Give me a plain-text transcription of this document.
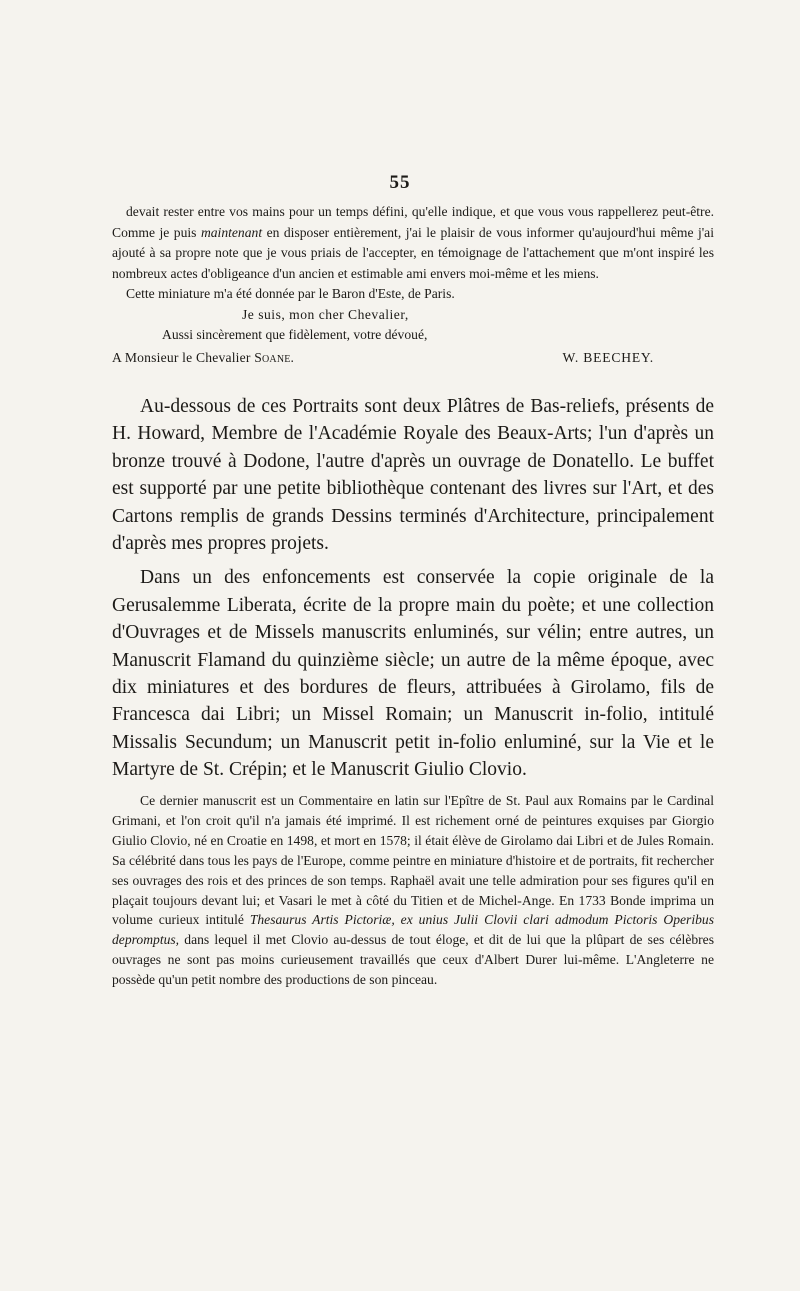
55

devait rester entre vos mains pour un temps défini, qu'elle indique, et que vous vous rappellerez peut-être. Comme je puis maintenant en disposer entièrement, j'ai le plaisir de vous informer qu'aujourd'hui même j'ai ajouté à sa propre note que je vous priais de l'accepter, en témoignage de l'attachement que m'ont inspiré les nombreux actes d'obligeance d'un ancien et estimable ami envers moi-même et les miens.

Cette miniature m'a été donnée par le Baron d'Este, de Paris.

Je suis, mon cher Chevalier,

Aussi sincèrement que fidèlement, votre dévoué,

A Monsieur le Chevalier Soane.	W. BEECHEY.

Au-dessous de ces Portraits sont deux Plâtres de Bas-reliefs, présents de H. Howard, Membre de l'Académie Royale des Beaux-Arts; l'un d'après un bronze trouvé à Dodone, l'autre d'après un ouvrage de Donatello. Le buffet est supporté par une petite bibliothèque contenant des livres sur l'Art, et des Cartons remplis de grands Dessins terminés d'Architecture, principalement d'après mes propres projets.

Dans un des enfoncements est conservée la copie originale de la Gerusalemme Liberata, écrite de la propre main du poète; et une collection d'Ouvrages et de Missels manuscrits enluminés, sur vélin; entre autres, un Manuscrit Flamand du quinzième siècle; un autre de la même époque, avec dix miniatures et des bordures de fleurs, attribuées à Girolamo, fils de Francesca dai Libri; un Missel Romain; un Manuscrit in-folio, intitulé Missalis Secundum; un Manuscrit petit in-folio enluminé, sur la Vie et le Martyre de St. Crépin; et le Manuscrit Giulio Clovio.

Ce dernier manuscrit est un Commentaire en latin sur l'Epître de St. Paul aux Romains par le Cardinal Grimani, et l'on croit qu'il n'a jamais été imprimé. Il est richement orné de peintures exquises par Giorgio Giulio Clovio, né en Croatie en 1498, et mort en 1578; il était élève de Girolamo dai Libri et de Jules Romain. Sa célébrité dans tous les pays de l'Europe, comme peintre en miniature d'histoire et de portraits, fit rechercher ses ouvrages des rois et des princes de son temps. Raphaël avait une telle admiration pour ses figures qu'il en plaçait toujours devant lui; et Vasari le met à côté du Titien et de Michel-Ange. En 1733 Bonde imprima un volume curieux intitulé Thesaurus Artis Pictoriæ, ex unius Julii Clovii clari admodum Pictoris Operibus depromptus, dans lequel il met Clovio au-dessus de tout éloge, et dit de lui que la plûpart de ses célèbres ouvrages ne sont pas moins curieusement travaillés que ceux d'Albert Durer lui-même. L'Angleterre ne possède qu'un petit nombre des productions de son pinceau.
